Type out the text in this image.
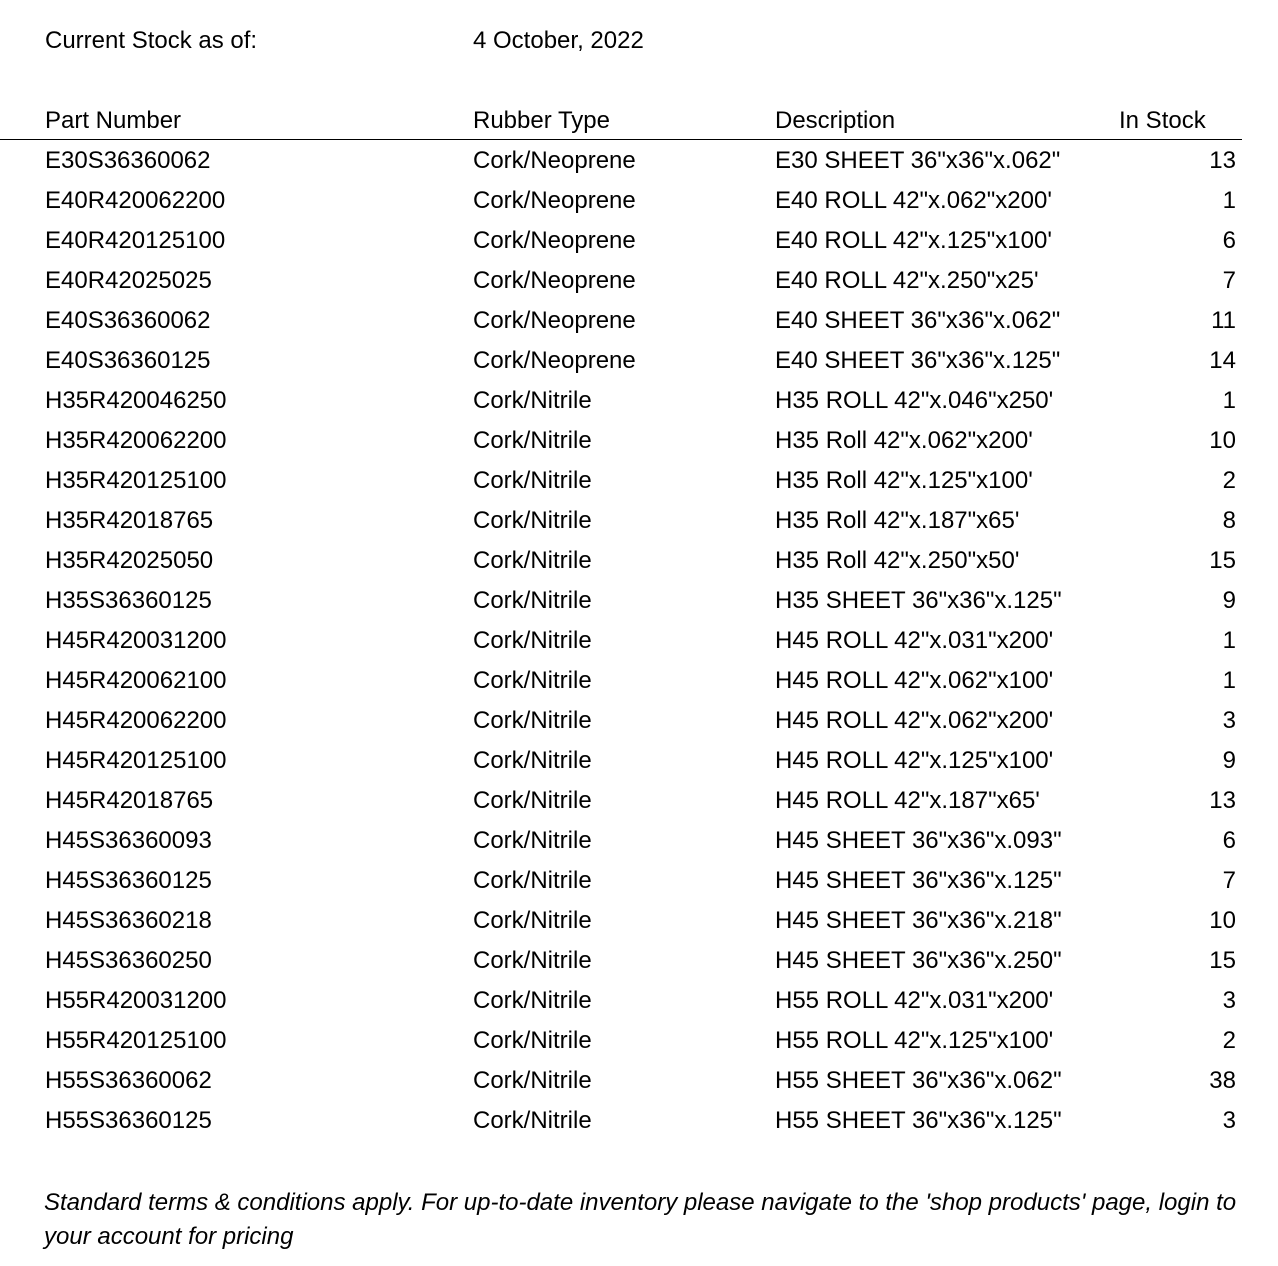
Current Stock as of:	4 October, 2022
Part Number	Rubber Type	Description	In Stock
E30S36360062	Cork/Neoprene	E30 SHEET 36"x36"x.062"	13
E40R420062200	Cork/Neoprene	E40 ROLL 42"x.062"x200'	1
E40R420125100	Cork/Neoprene	E40 ROLL 42"x.125"x100'	6
E40R42025025	Cork/Neoprene	E40 ROLL 42"x.250"x25'	7
E40S36360062	Cork/Neoprene	E40 SHEET 36"x36"x.062"	11
E40S36360125	Cork/Neoprene	E40 SHEET 36"x36"x.125"	14
H35R420046250	Cork/Nitrile	H35 ROLL 42"x.046"x250'	1
H35R420062200	Cork/Nitrile	H35 Roll 42"x.062"x200'	10
H35R420125100	Cork/Nitrile	H35 Roll 42"x.125"x100'	2
H35R42018765	Cork/Nitrile	H35 Roll 42"x.187"x65'	8
H35R42025050	Cork/Nitrile	H35 Roll 42"x.250"x50'	15
H35S36360125	Cork/Nitrile	H35 SHEET 36"x36"x.125"	9
H45R420031200	Cork/Nitrile	H45 ROLL 42"x.031"x200'	1
H45R420062100	Cork/Nitrile	H45 ROLL 42"x.062"x100'	1
H45R420062200	Cork/Nitrile	H45 ROLL 42"x.062"x200'	3
H45R420125100	Cork/Nitrile	H45 ROLL 42"x.125"x100'	9
H45R42018765	Cork/Nitrile	H45 ROLL 42"x.187"x65'	13
H45S36360093	Cork/Nitrile	H45 SHEET 36"x36"x.093"	6
H45S36360125	Cork/Nitrile	H45 SHEET 36"x36"x.125"	7
H45S36360218	Cork/Nitrile	H45 SHEET 36"x36"x.218"	10
H45S36360250	Cork/Nitrile	H45 SHEET 36"x36"x.250"	15
H55R420031200	Cork/Nitrile	H55 ROLL 42"x.031"x200'	3
H55R420125100	Cork/Nitrile	H55 ROLL 42"x.125"x100'	2
H55S36360062	Cork/Nitrile	H55 SHEET 36"x36"x.062"	38
H55S36360125	Cork/Nitrile	H55 SHEET 36"x36"x.125"	3
Standard terms & conditions apply. For up-to-date inventory please navigate to the 'shop products' page, login to your account for pricing
